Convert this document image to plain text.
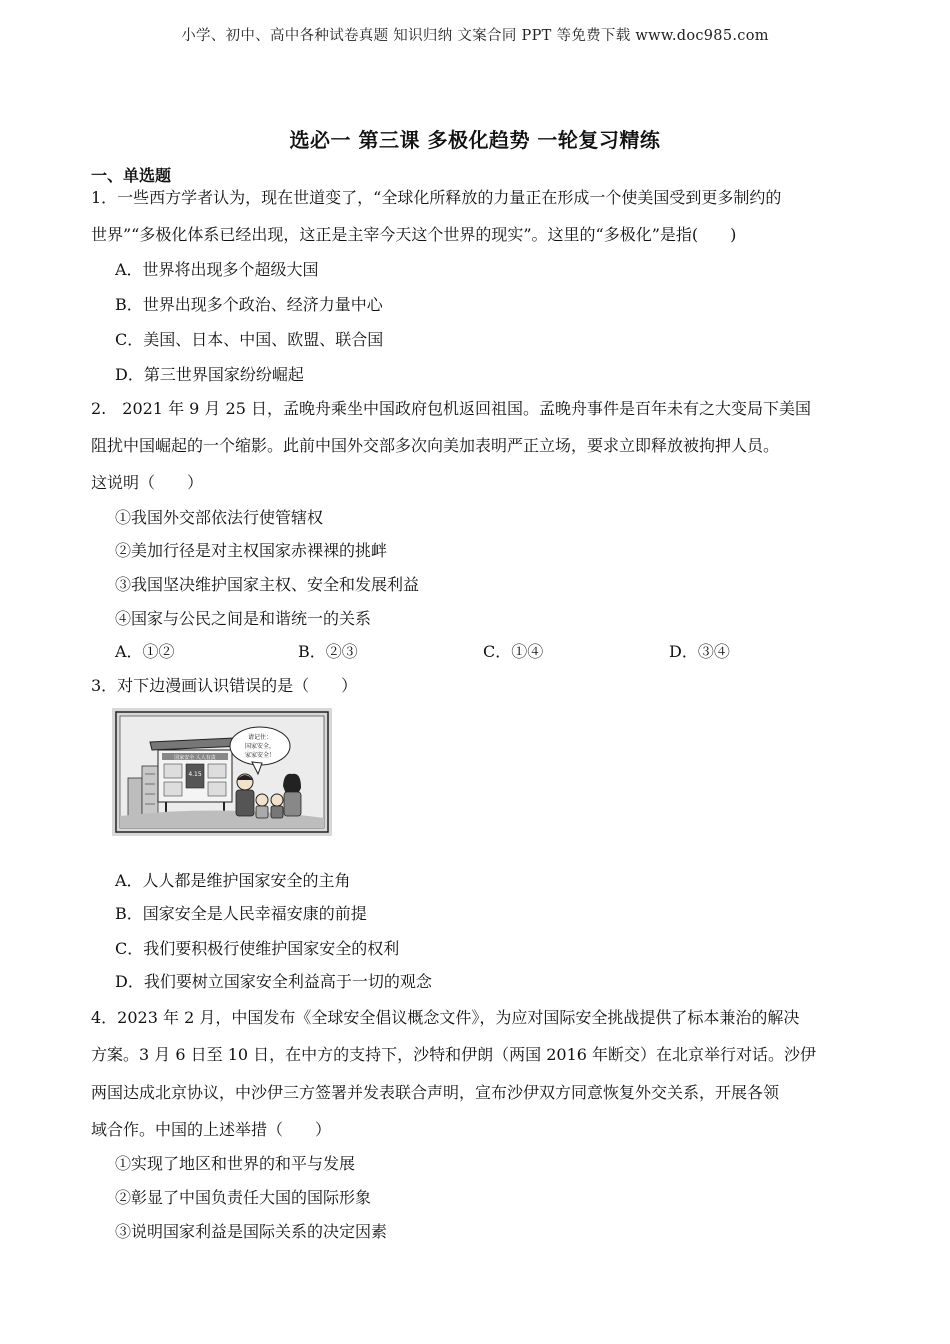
小学、初中、高中各种试卷真题 知识归纳 文案合同 PPT 等免费下载 www.doc985.com
选必一 第三课 多极化趋势 一轮复习精练
一、单选题
1．一些西方学者认为，现在世道变了，“全球化所释放的力量正在形成一个使美国受到更多制约的
世界”“多极化体系已经出现，这正是主宰今天这个世界的现实”。这里的“多极化”是指(　　)
A．世界将出现多个超级大国
B．世界出现多个政治、经济力量中心
C．美国、日本、中国、欧盟、联合国
D．第三世界国家纷纷崛起
2.　2021 年 9 月 25 日，孟晚舟乘坐中国政府包机返回祖国。孟晚舟事件是百年未有之大变局下美国
阻扰中国崛起的一个缩影。此前中国外交部多次向美加表明严正立场，要求立即释放被拘押人员。
这说明（　　）
①我国外交部依法行使管辖权
②美加行径是对主权国家赤裸裸的挑衅
③我国坚决维护国家主权、安全和发展利益
④国家与公民之间是和谐统一的关系
A．①②	B．②③	C．①④	D．③④
3．对下边漫画认识错误的是（　　）
国家安全 人人有责
4.15
请记住：
国家安全，
家家安全！
A．人人都是维护国家安全的主角
B．国家安全是人民幸福安康的前提
C．我们要积极行使维护国家安全的权利
D．我们要树立国家安全利益高于一切的观念
4．2023 年 2 月，中国发布《全球安全倡议概念文件》，为应对国际安全挑战提供了标本兼治的解决
方案。3 月 6 日至 10 日，在中方的支持下，沙特和伊朗（两国 2016 年断交）在北京举行对话。沙伊
两国达成北京协议，中沙伊三方签署并发表联合声明，宣布沙伊双方同意恢复外交关系，开展各领
域合作。中国的上述举措（　　）
①实现了地区和世界的和平与发展
②彰显了中国负责任大国的国际形象
③说明国家利益是国际关系的决定因素
